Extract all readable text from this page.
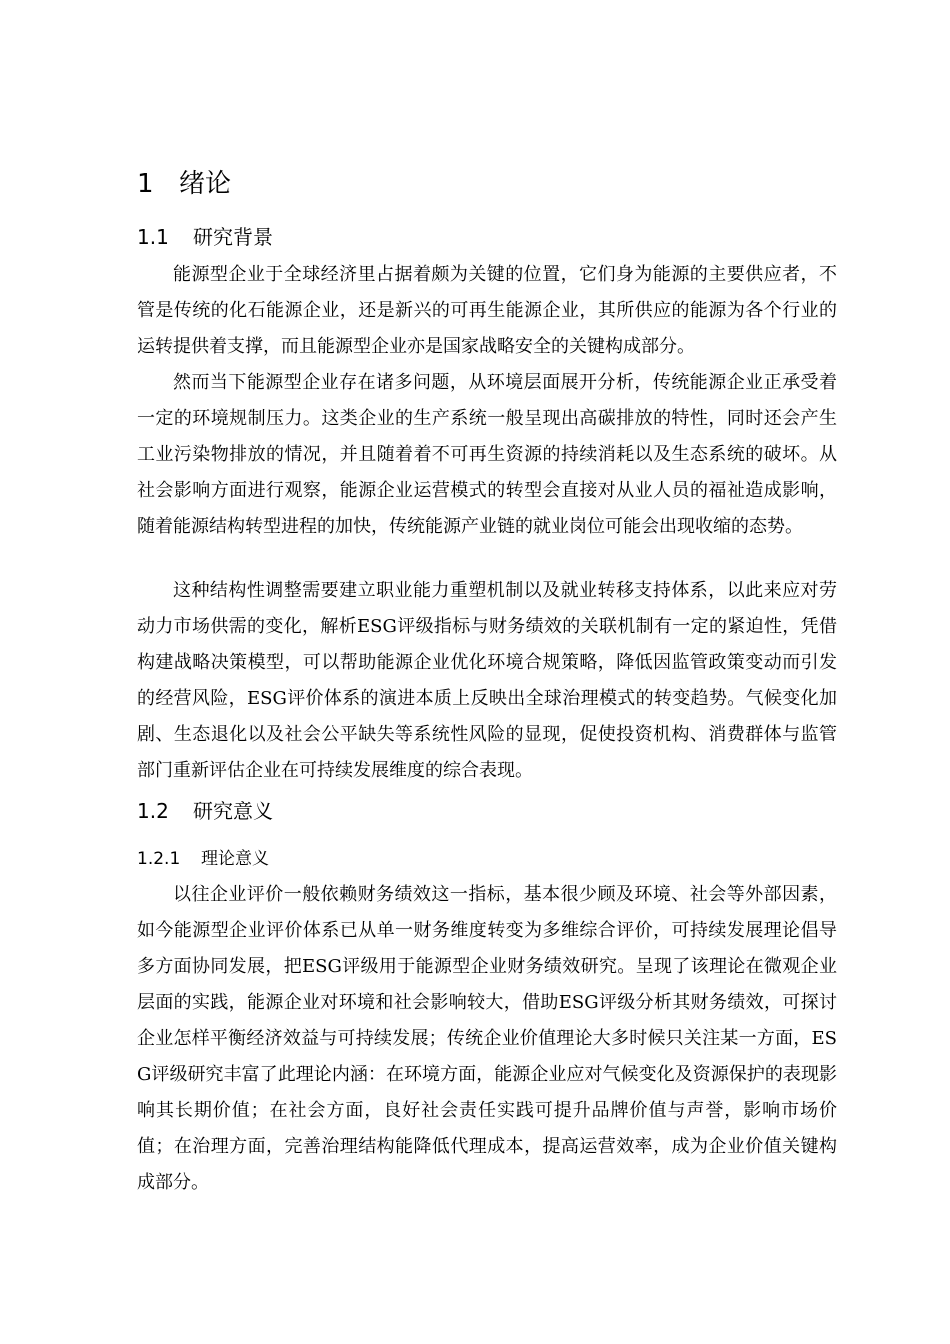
1 绪论
1.1 研究背景

能源型企业于全球经济里占据着颇为关键的位置，它们身为能源的主要供应者，不管是传统的化石能源企业，还是新兴的可再生能源企业，其所供应的能源为各个行业的运转提供着支撑，而且能源型企业亦是国家战略安全的关键构成部分。

然而当下能源型企业存在诸多问题，从环境层面展开分析，传统能源企业正承受着一定的环境规制压力。这类企业的生产系统一般呈现出高碳排放的特性，同时还会产生工业污染物排放的情况，并且随着着不可再生资源的持续消耗以及生态系统的破坏。从社会影响方面进行观察，能源企业运营模式的转型会直接对从业人员的福祉造成影响，随着能源结构转型进程的加快，传统能源产业链的就业岗位可能会出现收缩的态势。

这种结构性调整需要建立职业能力重塑机制以及就业转移支持体系，以此来应对劳动力市场供需的变化，解析ESG评级指标与财务绩效的关联机制有一定的紧迫性，凭借构建战略决策模型，可以帮助能源企业优化环境合规策略，降低因监管政策变动而引发的经营风险，ESG评价体系的演进本质上反映出全球治理模式的转变趋势。气候变化加剧、生态退化以及社会公平缺失等系统性风险的显现，促使投资机构、消费群体与监管部门重新评估企业在可持续发展维度的综合表现。

1.2 研究意义
1.2.1 理论意义

以往企业评价一般依赖财务绩效这一指标，基本很少顾及环境、社会等外部因素，如今能源型企业评价体系已从单一财务维度转变为多维综合评价，可持续发展理论倡导多方面协同发展，把ESG评级用于能源型企业财务绩效研究。呈现了该理论在微观企业层面的实践，能源企业对环境和社会影响较大，借助ESG评级分析其财务绩效，可探讨企业怎样平衡经济效益与可持续发展；传统企业价值理论大多时候只关注某一方面，ESG评级研究丰富了此理论内涵：在环境方面，能源企业应对气候变化及资源保护的表现影响其长期价值；在社会方面，良好社会责任实践可提升品牌价值与声誉，影响市场价值；在治理方面，完善治理结构能降低代理成本，提高运营效率，成为企业价值关键构成部分。
